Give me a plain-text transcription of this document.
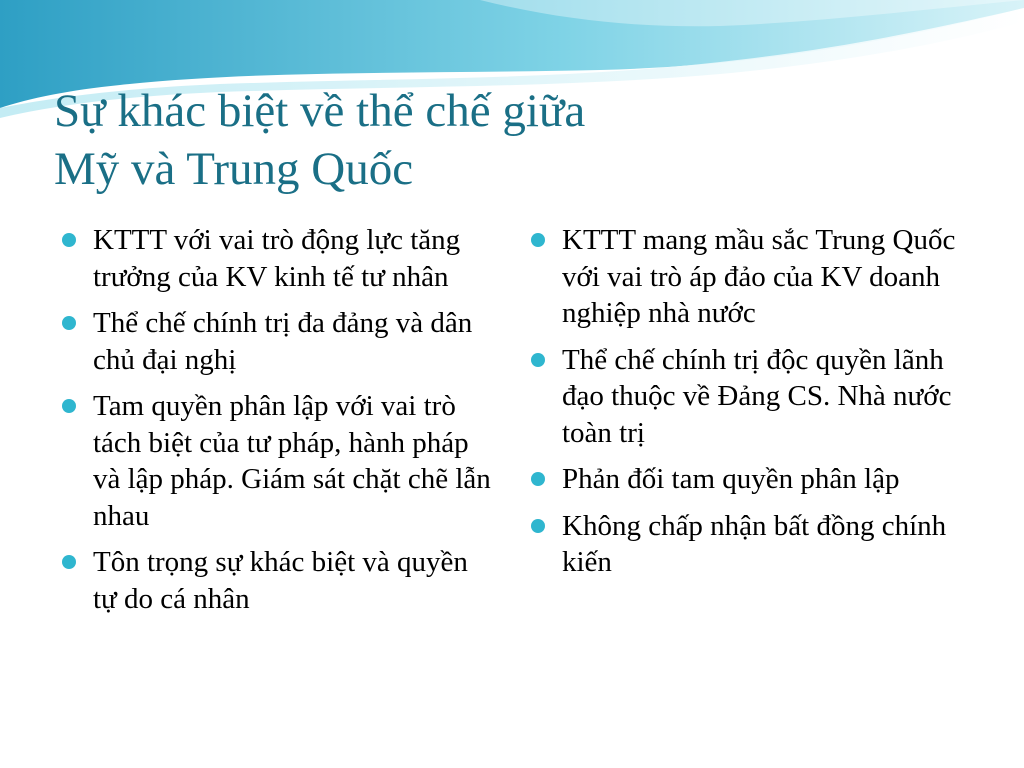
Sự khác biệt về thể chế giữa
Mỹ và Trung Quốc
KTTT với vai trò động lực tăng trưởng của KV kinh tế tư nhân
Thể chế chính trị đa đảng và dân chủ đại nghị
Tam quyền phân lập với vai trò tách biệt của tư pháp, hành pháp và lập pháp. Giám sát chặt chẽ lẫn nhau
Tôn trọng sự khác biệt và quyền tự do cá nhân
KTTT mang mầu sắc Trung Quốc với vai trò áp đảo của KV doanh nghiệp nhà nước
Thể chế chính trị độc quyền lãnh đạo thuộc về Đảng CS. Nhà nước toàn trị
Phản đối tam quyền phân lập
Không chấp nhận bất đồng chính kiến
